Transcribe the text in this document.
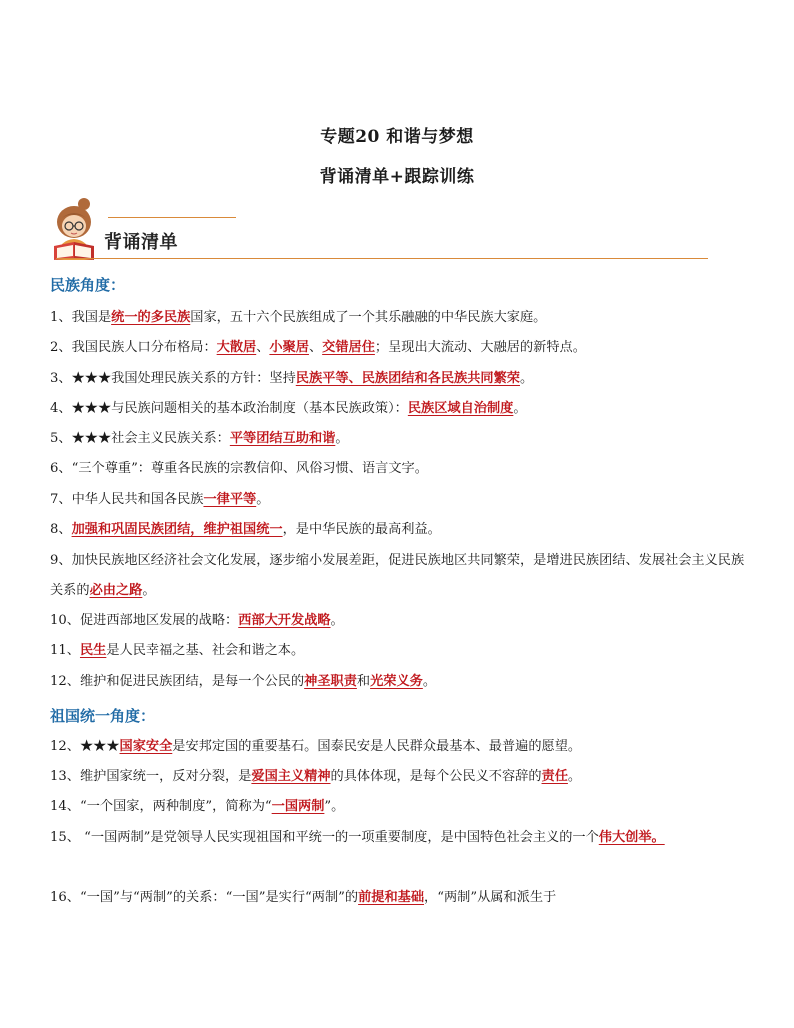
专题20 和谐与梦想
背诵清单+跟踪训练
背诵清单
民族角度：
1、我国是统一的多民族国家，五十六个民族组成了一个其乐融融的中华民族大家庭。
2、我国民族人口分布格局：大散居、小聚居、交错居住；呈现出大流动、大融居的新特点。
3、★★★我国处理民族关系的方针：坚持民族平等、民族团结和各民族共同繁荣。
4、★★★与民族问题相关的基本政治制度（基本民族政策）：民族区域自治制度。
5、★★★社会主义民族关系：平等团结互助和谐。
6、“三个尊重”：尊重各民族的宗教信仰、风俗习惯、语言文字。
7、中华人民共和国各民族一律平等。
8、加强和巩固民族团结，维护祖国统一，是中华民族的最高利益。
9、加快民族地区经济社会文化发展，逐步缩小发展差距，促进民族地区共同繁荣，是增进民族团结、发展社会主义民族关系的必由之路。
10、促进西部地区发展的战略：西部大开发战略。
11、民生是人民幸福之基、社会和谐之本。
12、维护和促进民族团结，是每一个公民的神圣职责和光荣义务。
祖国统一角度：
12、★★★国家安全是安邦定国的重要基石。国泰民安是人民群众最基本、最普遍的愿望。
13、维护国家统一，反对分裂，是爱国主义精神的具体体现，是每个公民义不容辞的责任。
14、“一个国家，两种制度”，简称为“一国两制”。
15、 “一国两制”是党领导人民实现祖国和平统一的一项重要制度，是中国特色社会主义的一个伟大创举。
16、“一国”与“两制”的关系：“一国”是实行“两制”的前提和基础，“两制”从属和派生于
